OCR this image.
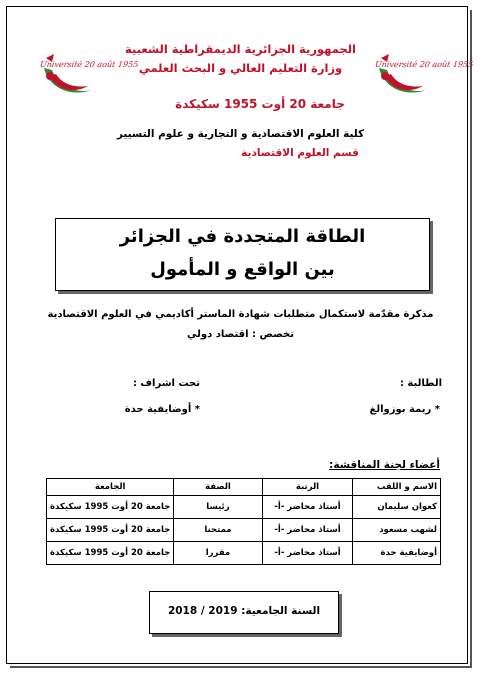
Université 20 août 1955	Université 20 août 1955
الجمهورية الجزائرية الديمقراطية الشعبية
وزارة التعليم العالي و البحث العلمي
جامعة 20 أوت 1955 سكيكدة
كلية العلوم الاقتصادية و التجارية و علوم التسيير
قسم العلوم الاقتصادية
الطاقة المتجددة في الجزائر
بين الواقع و المأمول
مذكرة مقدّمة لاستكمال متطلبات شهادة الماستر أكاديمي في العلوم الاقتصادية
تخصص : اقتصاد دولي
الطالبة :
* ريمة بوزوالغ
تحت اشراف :
* أوضايفية حدة
أعضاء لجنة المناقشة:
الاسم و اللقب	الرتبة	الصفة	الجامعة
كعوان سليمان	أستاذ محاضر -أ-	رئيسا	جامعة 20 أوت 1995 سكيكدة
لشهب مسعود	أستاذ محاضر -أ-	ممتحنا	جامعة 20 أوت 1995 سكيكدة
أوضايفية حدة	أستاذ محاضر -أ-	مقررا	جامعة 20 أوت 1995 سكيكدة
السنة الجامعية: 2018 / 2019
